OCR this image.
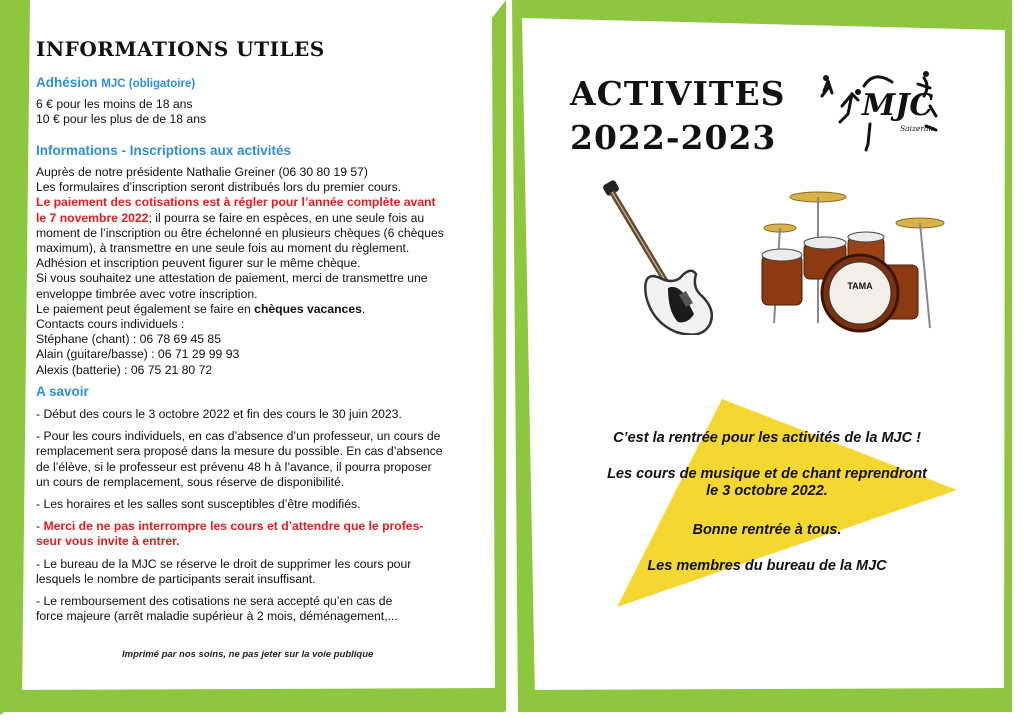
INFORMATIONS UTILES
Adhésion MJC (obligatoire)
6 € pour les moins de 18 ans
10 € pour les plus de de 18 ans
Informations - Inscriptions aux activités
Auprès de notre présidente Nathalie Greiner (06 30 80 19 57)
Les formulaires d’inscription seront distribués lors du premier cours.
Le paiement des cotisations est à régler pour l’année complète avant
le 7 novembre 2022; il pourra se faire en espèces, en une seule fois au
moment de l’inscription ou être échelonné en plusieurs chèques (6 chèques
maximum), à transmettre en une seule fois au moment du règlement.
Adhésion et inscription peuvent figurer sur le même chèque.
Si vous souhaitez une attestation de paiement, merci de transmettre une
enveloppe timbrée avec votre inscription.
Le paiement peut également se faire en chèques vacances.
Contacts cours individuels :
Stéphane (chant) : 06 78 69 45 85
Alain (guitare/basse) : 06 71 29 99 93
Alexis (batterie) : 06 75 21 80 72
A savoir
- Début des cours le 3 octobre 2022 et fin des cours le 30 juin 2023.
- Pour les cours individuels, en cas d’absence d’un professeur, un cours de
remplacement sera proposé dans la mesure du possible. En cas d’absence
de l’élève, si le professeur est prévenu 48 h à l’avance, il pourra proposer
un cours de remplacement, sous réserve de disponibilité.
- Les horaires et les salles sont susceptibles d’être modifiés.
- Merci de ne pas interrompre les cours et d’attendre que le profes-
seur vous invite à entrer.
- Le bureau de la MJC se réserve le droit de supprimer les cours pour
lesquels le nombre de participants serait insuffisant.
- Le remboursement des cotisations ne sera accepté qu’en cas de
force majeure (arrêt maladie supérieur à 2 mois, déménagement,...
Imprimé par nos soins, ne pas jeter sur la voie publique
ACTIVITES
2022-2023
MJC
Saizerais
TAMA

C’est la rentrée pour les activités de la MJC !

Les cours de musique et de chant reprendront
le 3 octobre 2022.

Bonne rentrée à tous.

Les membres du bureau de la MJC
